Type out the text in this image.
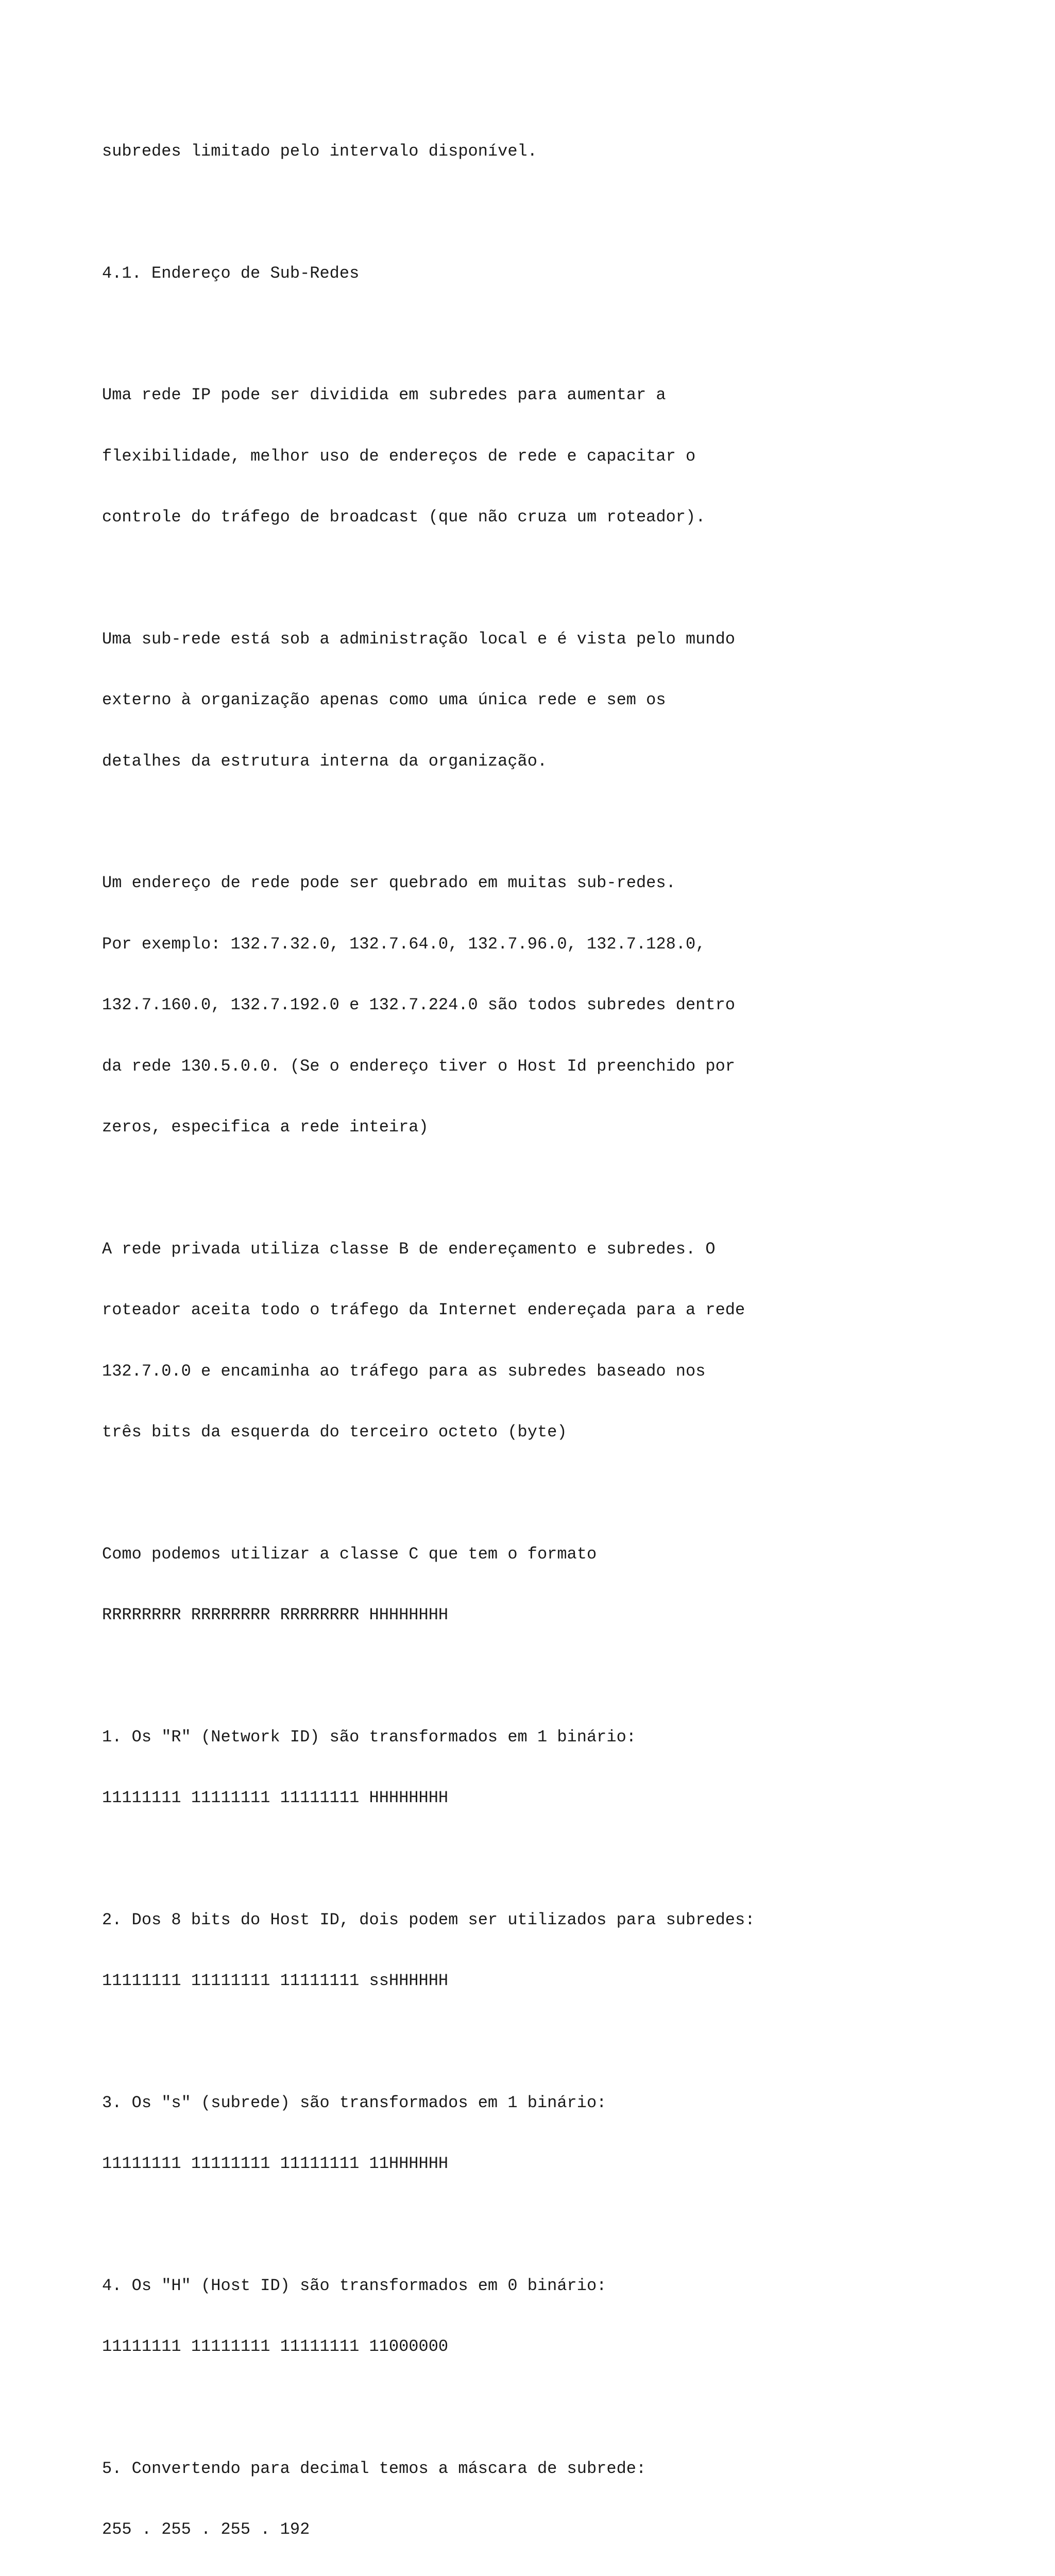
subredes limitado pelo intervalo disponível.

4.1. Endereço de Sub-Redes

Uma rede IP pode ser dividida em subredes para aumentar a

flexibilidade, melhor uso de endereços de rede e capacitar o

controle do tráfego de broadcast (que não cruza um roteador).

Uma sub-rede está sob a administração local e é vista pelo mundo

externo à organização apenas como uma única rede e sem os

detalhes da estrutura interna da organização.

Um endereço de rede pode ser quebrado em muitas sub-redes.

Por exemplo: 132.7.32.0, 132.7.64.0, 132.7.96.0, 132.7.128.0,

132.7.160.0, 132.7.192.0 e 132.7.224.0 são todos subredes dentro

da rede 130.5.0.0. (Se o endereço tiver o Host Id preenchido por

zeros, especifica a rede inteira)

A rede privada utiliza classe B de endereçamento e subredes. O

roteador aceita todo o tráfego da Internet endereçada para a rede

132.7.0.0 e encaminha ao tráfego para as subredes baseado nos

três bits da esquerda do terceiro octeto (byte)

Como podemos utilizar a classe C que tem o formato

RRRRRRRR RRRRRRRR RRRRRRRR HHHHHHHH

1. Os "R" (Network ID) são transformados em 1 binário:

11111111 11111111 11111111 HHHHHHHH

2. Dos 8 bits do Host ID, dois podem ser utilizados para subredes:

11111111 11111111 11111111 ssHHHHHH

3. Os "s" (subrede) são transformados em 1 binário:

11111111 11111111 11111111 11HHHHHH

4. Os "H" (Host ID) são transformados em 0 binário:

11111111 11111111 11111111 11000000

5. Convertendo para decimal temos a máscara de subrede:

255 . 255 . 255 . 192
